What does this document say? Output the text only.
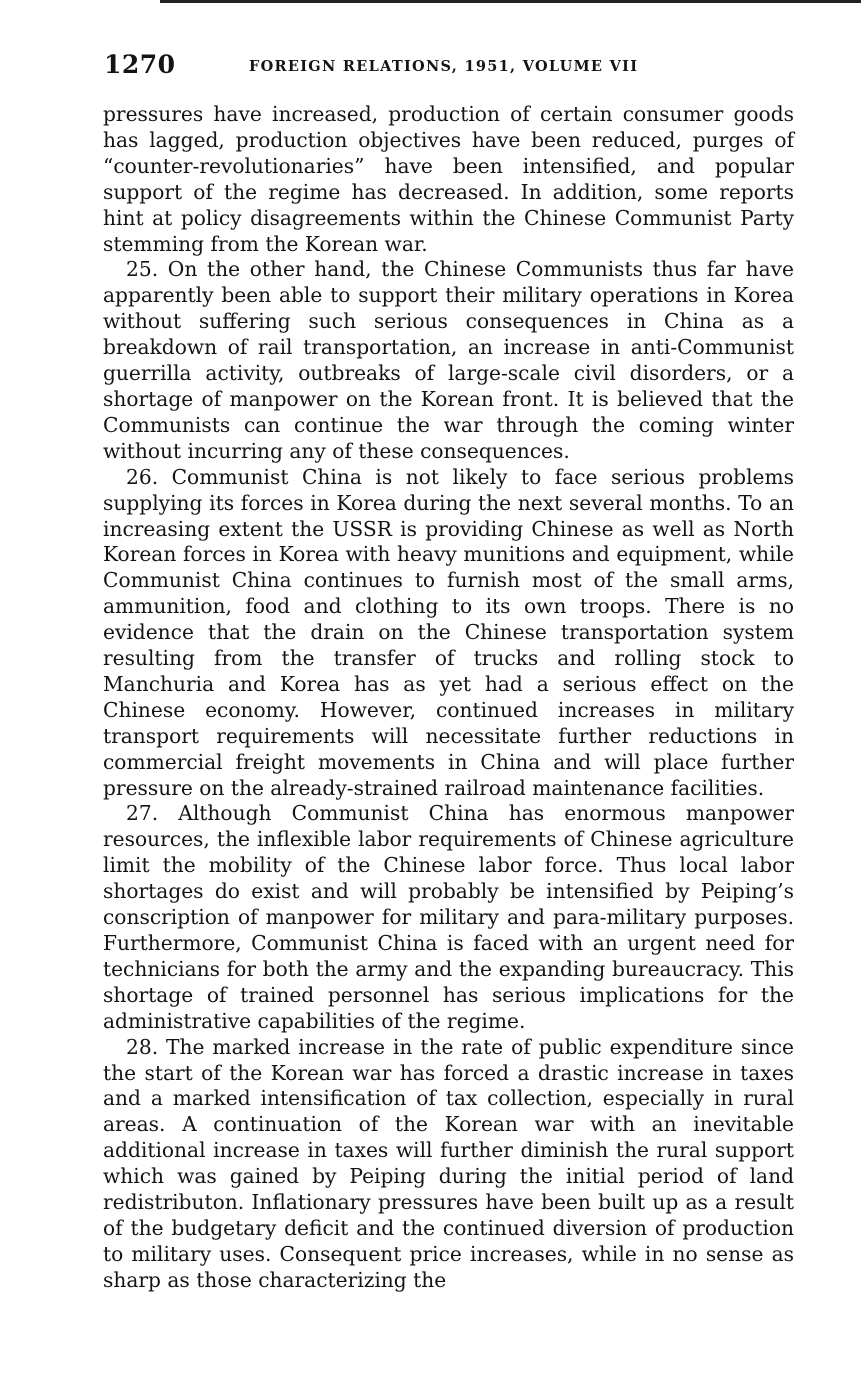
1270	FOREIGN RELATIONS, 1951, VOLUME VII

pressures have increased, production of certain consumer goods has lagged, production objectives have been reduced, purges of “counter-revolutionaries” have been intensified, and popular support of the regime has decreased. In addition, some reports hint at policy disagreements within the Chinese Communist Party stemming from the Korean war.

25. On the other hand, the Chinese Communists thus far have apparently been able to support their military operations in Korea without suffering such serious consequences in China as a breakdown of rail transportation, an increase in anti-Communist guerrilla activity, outbreaks of large-scale civil disorders, or a shortage of manpower on the Korean front. It is believed that the Communists can continue the war through the coming winter without incurring any of these consequences.

26. Communist China is not likely to face serious problems supplying its forces in Korea during the next several months. To an increasing extent the USSR is providing Chinese as well as North Korean forces in Korea with heavy munitions and equipment, while Communist China continues to furnish most of the small arms, ammunition, food and clothing to its own troops. There is no evidence that the drain on the Chinese transportation system resulting from the transfer of trucks and rolling stock to Manchuria and Korea has as yet had a serious effect on the Chinese economy. However, continued increases in military transport requirements will necessitate further reductions in commercial freight movements in China and will place further pressure on the already-strained railroad maintenance facilities.

27. Although Communist China has enormous manpower resources, the inflexible labor requirements of Chinese agriculture limit the mobility of the Chinese labor force. Thus local labor shortages do exist and will probably be intensified by Peiping’s conscription of manpower for military and para-military purposes. Furthermore, Communist China is faced with an urgent need for technicians for both the army and the expanding bureaucracy. This shortage of trained personnel has serious implications for the administrative capabilities of the regime.

28. The marked increase in the rate of public expenditure since the start of the Korean war has forced a drastic increase in taxes and a marked intensification of tax collection, especially in rural areas. A continuation of the Korean war with an inevitable additional increase in taxes will further diminish the rural support which was gained by Peiping during the initial period of land redistributon. Inflationary pressures have been built up as a result of the budgetary deficit and the continued diversion of production to military uses. Consequent price increases, while in no sense as sharp as those characterizing the
